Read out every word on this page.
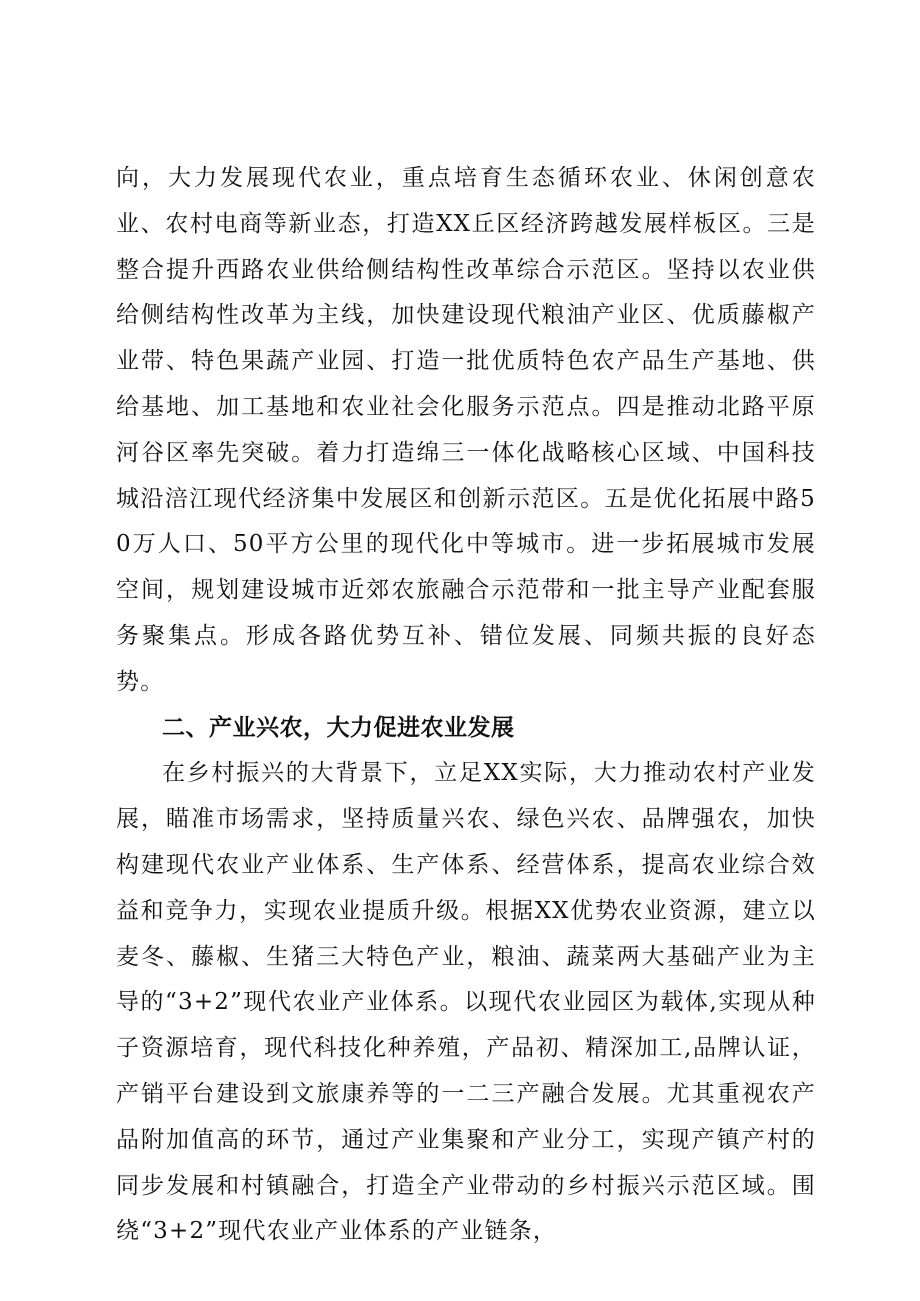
向，大力发展现代农业，重点培育生态循环农业、休闲创意农业、农村电商等新业态，打造XX丘区经济跨越发展样板区。三是整合提升西路农业供给侧结构性改革综合示范区。坚持以农业供给侧结构性改革为主线，加快建设现代粮油产业区、优质藤椒产业带、特色果蔬产业园、打造一批优质特色农产品生产基地、供给基地、加工基地和农业社会化服务示范点。四是推动北路平原河谷区率先突破。着力打造绵三一体化战略核心区域、中国科技城沿涪江现代经济集中发展区和创新示范区。五是优化拓展中路50万人口、50平方公里的现代化中等城市。进一步拓展城市发展空间，规划建设城市近郊农旅融合示范带和一批主导产业配套服务聚集点。形成各路优势互补、错位发展、同频共振的良好态势。

二、产业兴农，大力促进农业发展

在乡村振兴的大背景下，立足XX实际，大力推动农村产业发展，瞄准市场需求，坚持质量兴农、绿色兴农、品牌强农，加快构建现代农业产业体系、生产体系、经营体系，提高农业综合效益和竞争力，实现农业提质升级。根据XX优势农业资源，建立以麦冬、藤椒、生猪三大特色产业，粮油、蔬菜两大基础产业为主导的“3+2”现代农业产业体系。以现代农业园区为载体,实现从种子资源培育，现代科技化种养殖，产品初、精深加工,品牌认证，产销平台建设到文旅康养等的一二三产融合发展。尤其重视农产品附加值高的环节，通过产业集聚和产业分工，实现产镇产村的同步发展和村镇融合，打造全产业带动的乡村振兴示范区域。围绕“3+2”现代农业产业体系的产业链条，
